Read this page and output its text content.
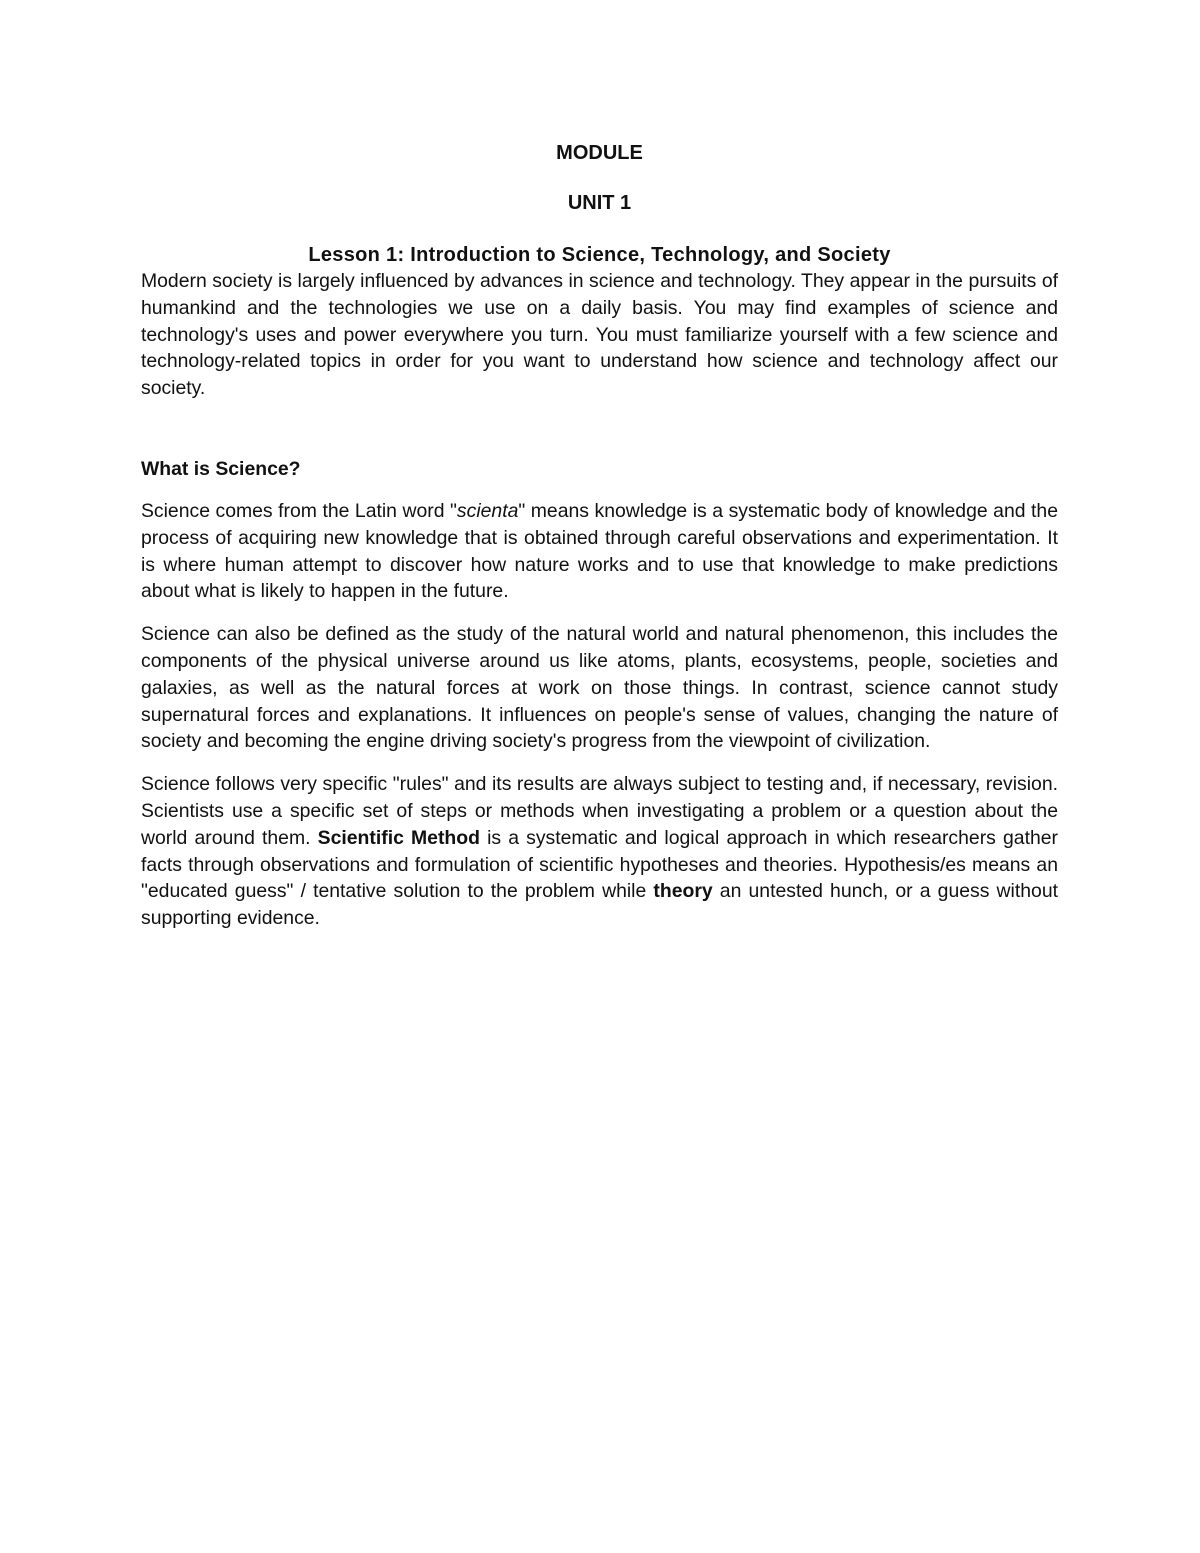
MODULE
UNIT 1
Lesson 1: Introduction to Science, Technology, and Society

Modern society is largely influenced by advances in science and technology. They appear in the pursuits of humankind and the technologies we use on a daily basis. You may find examples of science and technology's uses and power everywhere you turn. You must familiarize yourself with a few science and technology-related topics in order for you want to understand how science and technology affect our society.

What is Science?

Science comes from the Latin word "scienta" means knowledge is a systematic body of knowledge and the process of acquiring new knowledge that is obtained through careful observations and experimentation. It is where human attempt to discover how nature works and to use that knowledge to make predictions about what is likely to happen in the future.

Science can also be defined as the study of the natural world and natural phenomenon, this includes the components of the physical universe around us like atoms, plants, ecosystems, people, societies and galaxies, as well as the natural forces at work on those things. In contrast, science cannot study supernatural forces and explanations. It influences on people's sense of values, changing the nature of society and becoming the engine driving society's progress from the viewpoint of civilization.

Science follows very specific "rules" and its results are always subject to testing and, if necessary, revision. Scientists use a specific set of steps or methods when investigating a problem or a question about the world around them. Scientific Method is a systematic and logical approach in which researchers gather facts through observations and formulation of scientific hypotheses and theories. Hypothesis/es means an "educated guess" / tentative solution to the problem while theory an untested hunch, or a guess without supporting evidence.
